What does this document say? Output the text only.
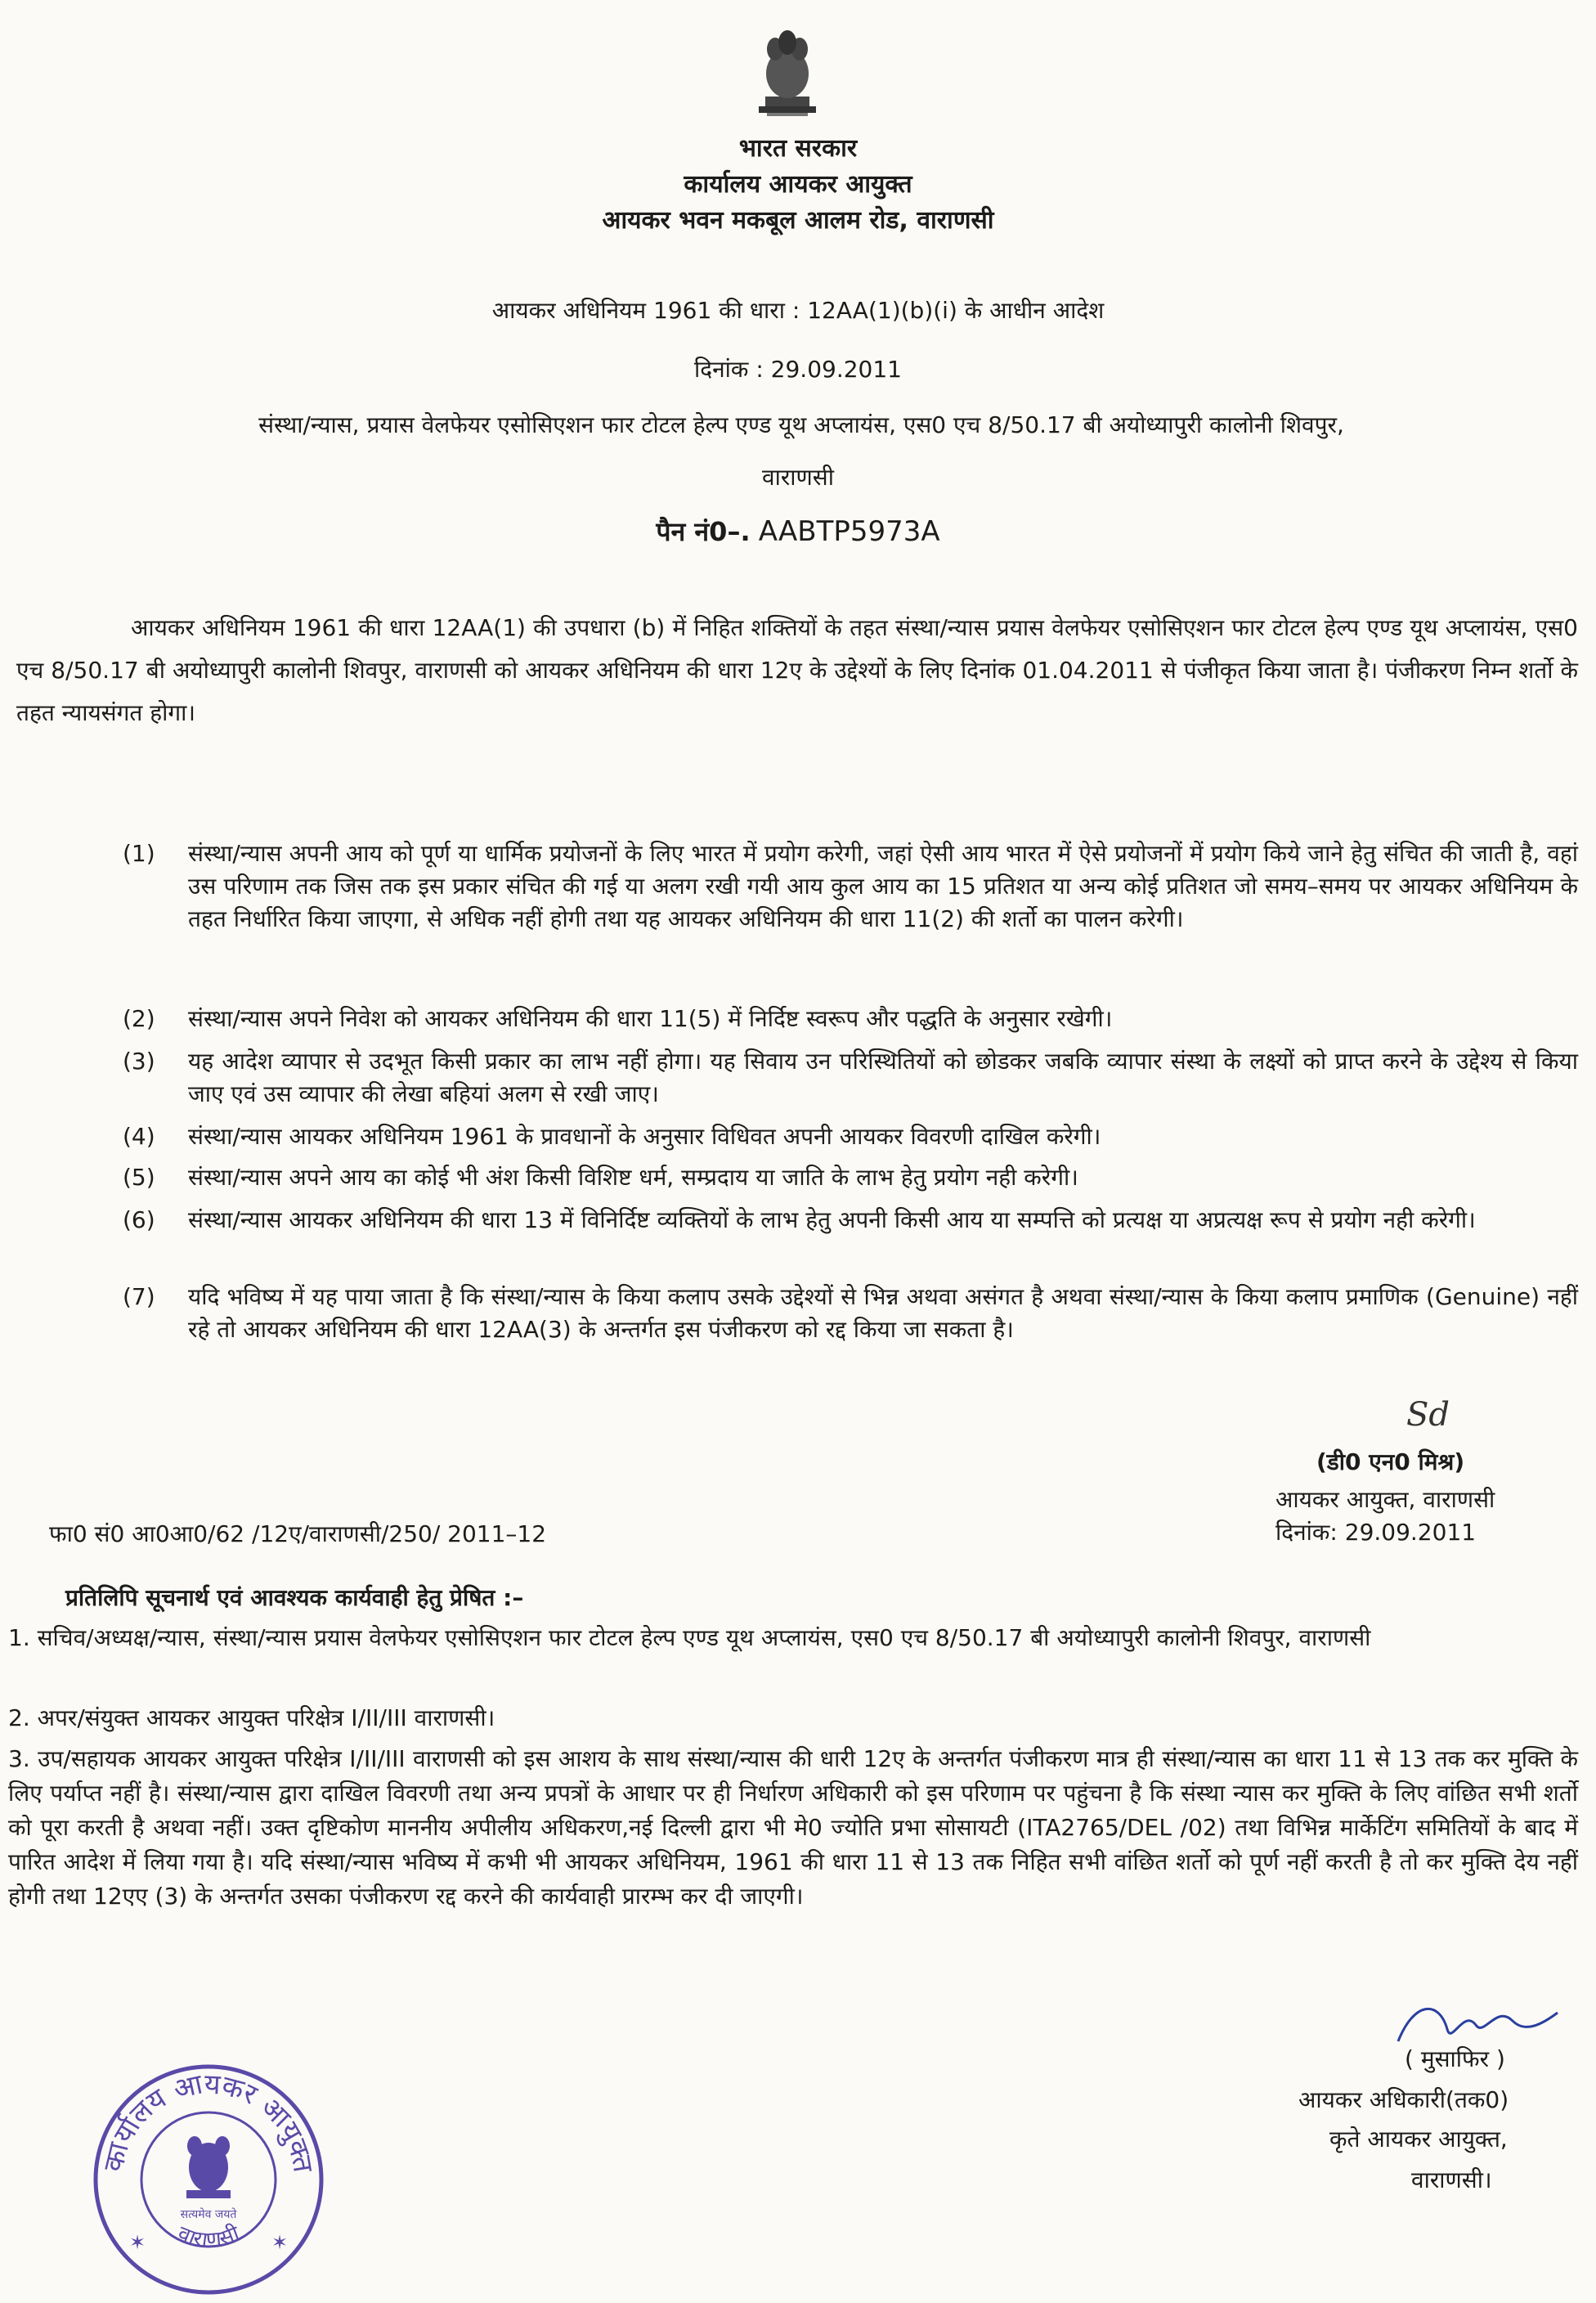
भारत सरकार
कार्यालय आयकर आयुक्त
आयकर भवन मकबूल आलम रोड, वाराणसी
आयकर अधिनियम 1961 की धारा : 12AA(1)(b)(i) के आधीन आदेश
दिनांक : 29.09.2011
संस्था/न्यास, प्रयास वेलफेयर एसोसिएशन फार टोटल हेल्प एण्ड यूथ अप्लायंस, एस0 एच 8/50.17 बी अयोध्यापुरी कालोनी शिवपुर,
वाराणसी
पैन नं0–. AABTP5973A
आयकर अधिनियम 1961 की धारा 12AA(1) की उपधारा (b) में निहित शक्तियों के तहत संस्था/न्यास प्रयास वेलफेयर एसोसिएशन फार टोटल हेल्प एण्ड यूथ अप्लायंस, एस0 एच 8/50.17 बी अयोध्यापुरी कालोनी शिवपुर, वाराणसी को आयकर अधिनियम की धारा 12ए के उद्देश्यों के लिए दिनांक 01.04.2011 से पंजीकृत किया जाता है। पंजीकरण निम्न शर्तो के तहत न्यायसंगत होगा।
(1)	संस्था/न्यास अपनी आय को पूर्ण या धार्मिक प्रयोजनों के लिए भारत में प्रयोग करेगी, जहां ऐसी आय भारत में ऐसे प्रयोजनों में प्रयोग किये जाने हेतु संचित की जाती है, वहां उस परिणाम तक जिस तक इस प्रकार संचित की गई या अलग रखी गयी आय कुल आय का 15 प्रतिशत या अन्य कोई प्रतिशत जो समय–समय पर आयकर अधिनियम के तहत निर्धारित किया जाएगा, से अधिक नहीं होगी तथा यह आयकर अधिनियम की धारा 11(2) की शर्तो का पालन करेगी।
(2)	संस्था/न्यास अपने निवेश को आयकर अधिनियम की धारा 11(5) में निर्दिष्ट स्वरूप और पद्धति के अनुसार रखेगी।
(3)	यह आदेश व्यापार से उदभूत किसी प्रकार का लाभ नहीं होगा। यह सिवाय उन परिस्थितियों को छोडकर जबकि व्यापार संस्था के लक्ष्यों को प्राप्त करने के उद्देश्य से किया जाए एवं उस व्यापार की लेखा बहियां अलग से रखी जाए।
(4)	संस्था/न्यास आयकर अधिनियम 1961 के प्रावधानों के अनुसार विधिवत अपनी आयकर विवरणी दाखिल करेगी।
(5)	संस्था/न्यास अपने आय का कोई भी अंश किसी विशिष्ट धर्म, सम्प्रदाय या जाति के लाभ हेतु प्रयोग नही करेगी।
(6)	संस्था/न्यास आयकर अधिनियम की धारा 13 में विनिर्दिष्ट व्यक्तियों के लाभ हेतु अपनी किसी आय या सम्पत्ति को प्रत्यक्ष या अप्रत्यक्ष रूप से प्रयोग नही करेगी।
(7)	यदि भविष्य में यह पाया जाता है कि संस्था/न्यास के किया कलाप उसके उद्देश्यों से भिन्न अथवा असंगत है अथवा संस्था/न्यास के किया कलाप प्रमाणिक (Genuine) नहीं रहे तो आयकर अधिनियम की धारा 12AA(3) के अन्तर्गत इस पंजीकरण को रद्द किया जा सकता है।
Sd
(डी0 एन0 मिश्र)
आयकर आयुक्त, वाराणसी
फा0 सं0 आ0आ0/62 /12ए/वाराणसी/250/ 2011–12	दिनांक: 29.09.2011
प्रतिलिपि सूचनार्थ एवं आवश्यक कार्यवाही हेतु प्रेषित :–
1. सचिव/अध्यक्ष/न्यास, संस्था/न्यास प्रयास वेलफेयर एसोसिएशन फार टोटल हेल्प एण्ड यूथ अप्लायंस, एस0 एच 8/50.17 बी अयोध्यापुरी कालोनी शिवपुर, वाराणसी
2. अपर/संयुक्त आयकर आयुक्त परिक्षेत्र I/II/III वाराणसी।
3. उप/सहायक आयकर आयुक्त परिक्षेत्र I/II/III वाराणसी को इस आशय के साथ संस्था/न्यास की धारी 12ए के अन्तर्गत पंजीकरण मात्र ही संस्था/न्यास का धारा 11 से 13 तक कर मुक्ति के लिए पर्याप्त नहीं है। संस्था/न्यास द्वारा दाखिल विवरणी तथा अन्य प्रपत्रों के आधार पर ही निर्धारण अधिकारी को इस परिणाम पर पहुंचना है कि संस्था न्यास कर मुक्ति के लिए वांछित सभी शर्तो को पूरा करती है अथवा नहीं। उक्त दृष्टिकोण माननीय अपीलीय अधिकरण,नई दिल्ली द्वारा भी मे0 ज्योति प्रभा सोसायटी (ITA2765/DEL /02) तथा विभिन्न मार्केटिंग समितियों के बाद में पारित आदेश में लिया गया है। यदि संस्था/न्यास भविष्य में कभी भी आयकर अधिनियम, 1961 की धारा 11 से 13 तक निहित सभी वांछित शर्तो को पूर्ण नहीं करती है तो कर मुक्ति देय नहीं होगी तथा 12एए (3) के अन्तर्गत उसका पंजीकरण रद्द करने की कार्यवाही प्रारम्भ कर दी जाएगी।
( मुसाफिर )
आयकर अधिकारी(तक0)
कृते आयकर आयुक्त,
वाराणसी।
कार्यालय आयकर आयुक्त
वाराणसी
सत्यमेव जयते
✶	✶
